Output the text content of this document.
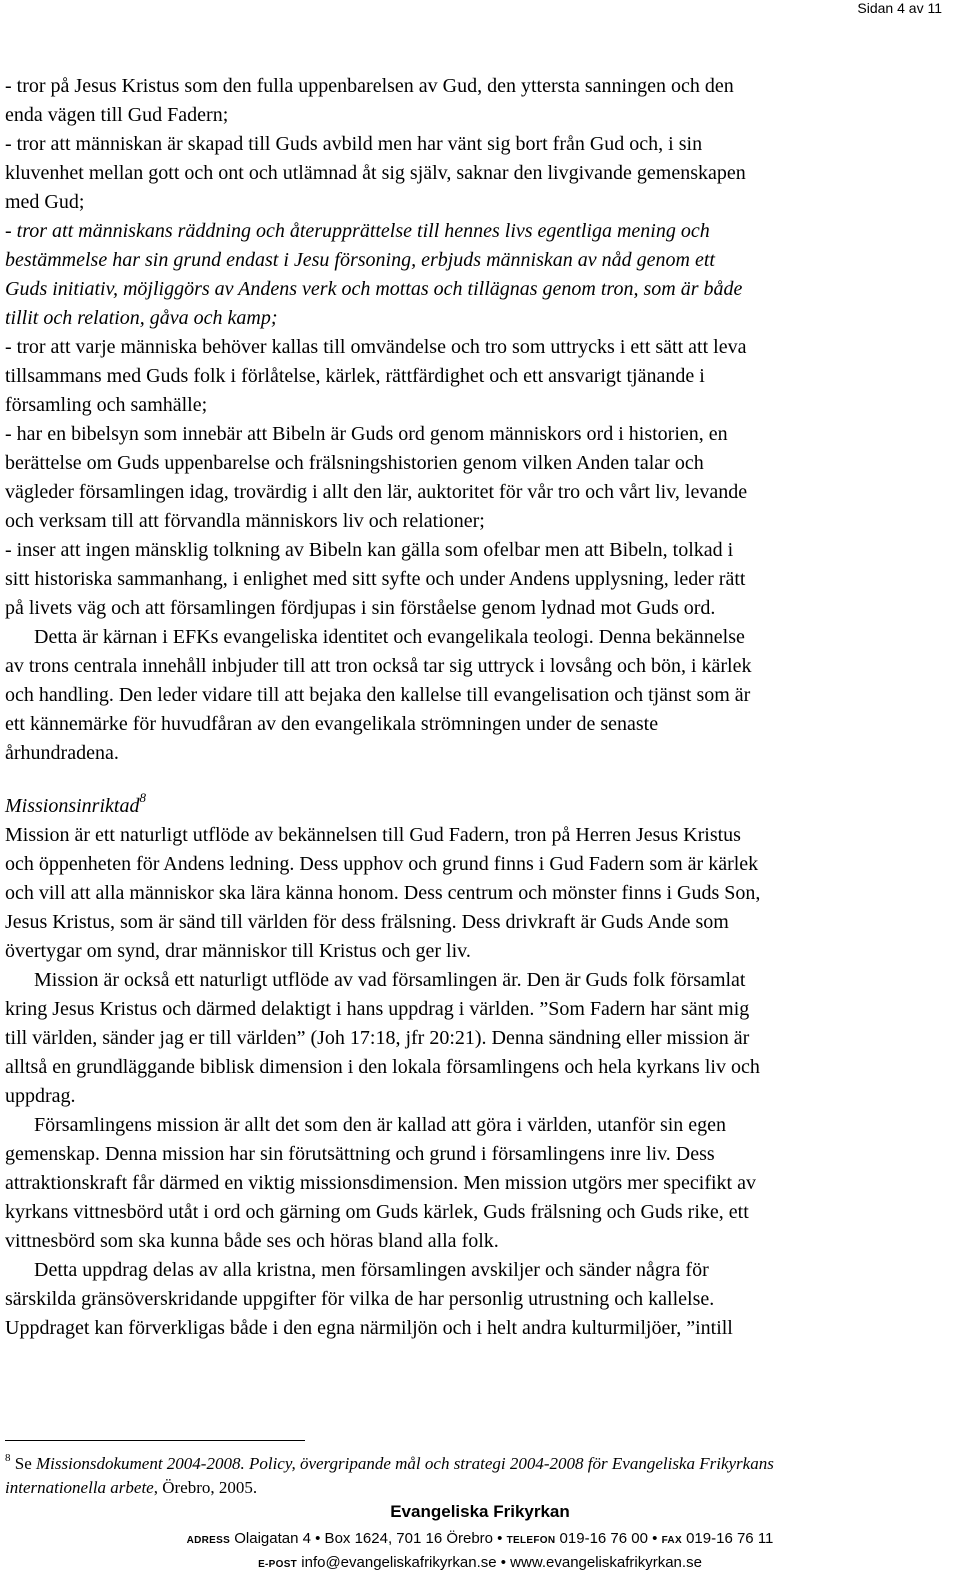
Sidan 4 av 11
- tror på Jesus Kristus som den fulla uppenbarelsen av Gud, den yttersta sanningen och den
enda vägen till Gud Fadern;
- tror att människan är skapad till Guds avbild men har vänt sig bort från Gud och, i sin
kluvenhet mellan gott och ont och utlämnad åt sig själv, saknar den livgivande gemenskapen
med Gud;
- tror att människans räddning och återupprättelse till hennes livs egentliga mening och
bestämmelse har sin grund endast i Jesu försoning, erbjuds människan av nåd genom ett
Guds initiativ, möjliggörs av Andens verk och mottas och tillägnas genom tron, som är både
tillit och relation, gåva och kamp;
- tror att varje människa behöver kallas till omvändelse och tro som uttrycks i ett sätt att leva
tillsammans med Guds folk i förlåtelse, kärlek, rättfärdighet och ett ansvarigt tjänande i
församling och samhälle;
- har en bibelsyn som innebär att Bibeln är Guds ord genom människors ord i historien, en
berättelse om Guds uppenbarelse och frälsningshistorien genom vilken Anden talar och
vägleder församlingen idag, trovärdig i allt den lär, auktoritet för vår tro och vårt liv, levande
och verksam till att förvandla människors liv och relationer;
- inser att ingen mänsklig tolkning av Bibeln kan gälla som ofelbar men att Bibeln, tolkad i
sitt historiska sammanhang, i enlighet med sitt syfte och under Andens upplysning, leder rätt
på livets väg och att församlingen fördjupas i sin förståelse genom lydnad mot Guds ord.
Detta är kärnan i EFKs evangeliska identitet och evangelikala teologi. Denna bekännelse
av trons centrala innehåll inbjuder till att tron också tar sig uttryck i lovsång och bön, i kärlek
och handling. Den leder vidare till att bejaka den kallelse till evangelisation och tjänst som är
ett kännemärke för huvudfåran av den evangelikala strömningen under de senaste
århundradena.
Missionsinriktad$^8$
Mission är ett naturligt utflöde av bekännelsen till Gud Fadern, tron på Herren Jesus Kristus
och öppenheten för Andens ledning. Dess upphov och grund finns i Gud Fadern som är kärlek
och vill att alla människor ska lära känna honom. Dess centrum och mönster finns i Guds Son,
Jesus Kristus, som är sänd till världen för dess frälsning. Dess drivkraft är Guds Ande som
övertygar om synd, drar människor till Kristus och ger liv.
Mission är också ett naturligt utflöde av vad församlingen är. Den är Guds folk församlat
kring Jesus Kristus och därmed delaktigt i hans uppdrag i världen. ”Som Fadern har sänt mig
till världen, sänder jag er till världen” (Joh 17:18, jfr 20:21). Denna sändning eller mission är
alltså en grundläggande biblisk dimension i den lokala församlingens och hela kyrkans liv och
uppdrag.
Församlingens mission är allt det som den är kallad att göra i världen, utanför sin egen
gemenskap. Denna mission har sin förutsättning och grund i församlingens inre liv. Dess
attraktionskraft får därmed en viktig missionsdimension. Men mission utgörs mer specifikt av
kyrkans vittnesbörd utåt i ord och gärning om Guds kärlek, Guds frälsning och Guds rike, ett
vittnesbörd som ska kunna både ses och höras bland alla folk.
Detta uppdrag delas av alla kristna, men församlingen avskiljer och sänder några för
särskilda gränsöverskridande uppgifter för vilka de har personlig utrustning och kallelse.
Uppdraget kan förverkligas både i den egna närmiljön och i helt andra kulturmiljöer, ”intill
$^8$ Se Missionsdokument 2004-2008. Policy, övergripande mål och strategi 2004-2008 för Evangeliska Frikyrkans
internationella arbete, Örebro, 2005.
Evangeliska Frikyrkan
ADRESS Olaigatan 4 • Box 1624, 701 16 Örebro • TELEFON 019-16 76 00 • FAX 019-16 76 11
E-POST info@evangeliskafrikyrkan.se • www.evangeliskafrikyrkan.se
